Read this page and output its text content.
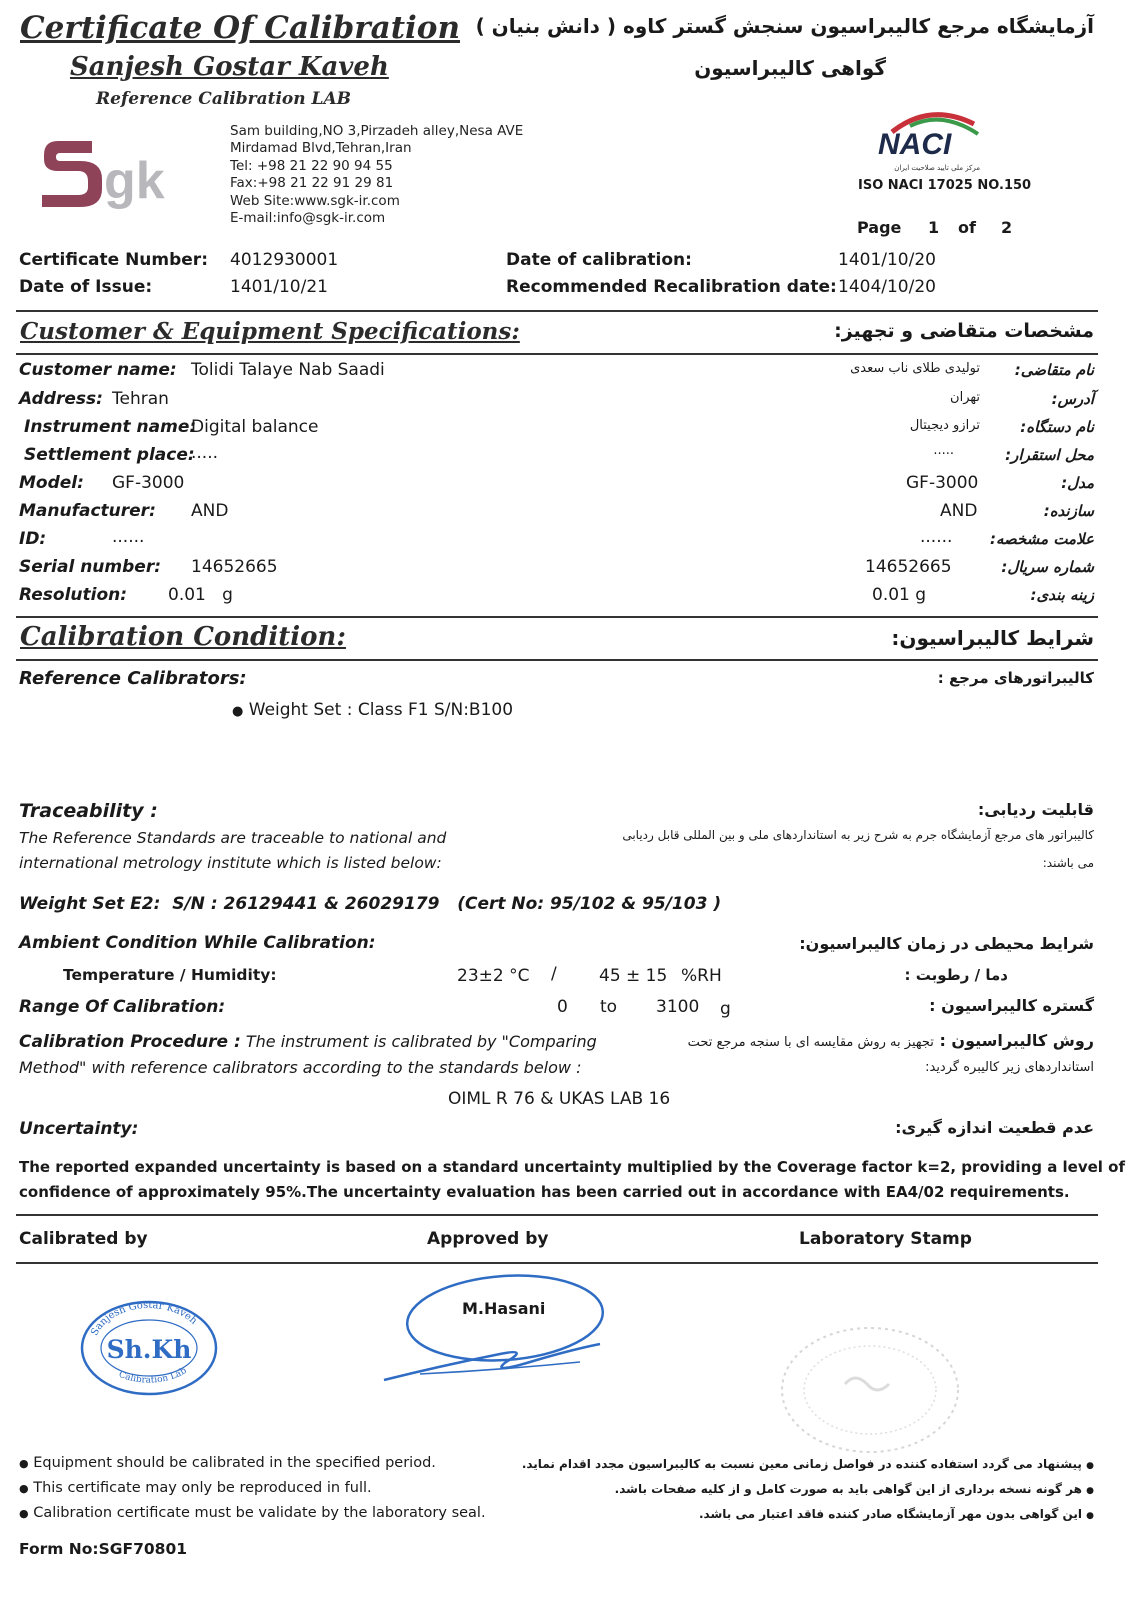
Certificate Of Calibration
Sanjesh Gostar Kaveh
Reference Calibration LAB
آزمایشگاه مرجع کالیبراسیون سنجش گستر کاوه ( دانش بنیان )
گواهی کالیبراسیون
gk
Sam building,NO 3,Pirzadeh alley,Nesa AVE
Mirdamad Blvd,Tehran,Iran
Tel: +98 21 22 90 94 55
Fax:+98 21 22 91 29 81
Web Site:www.sgk-ir.com
E-mail:info@sgk-ir.com
NACI
مرکز ملی تایید صلاحیت ایران
ISO NACI 17025 NO.150
Page 1 of 2
Certificate Number: 4012930001
Date of Issue:	1401/10/21
Date of calibration:	1401/10/20
Recommended Recalibration date: 1404/10/20
Customer & Equipment Specifications:	مشخصات متقاضی و تجهیز:
Customer name: Tolidi Talaye Nab Saadi	نام متقاضی:
تولیدی طلای ناب سعدی
Address: Tehran	آدرس:
تهران
Instrument name:
Digital balance	نام دستگاه:
ترازو دیجیتال
Settlement place:
.....	محل استقرار:
.....
Model: GF-3000	مدل:
GF-3000
Manufacturer: AND	سازنده:
AND
ID:	......	علامت مشخصه:
......
Serial number: 14652665	شماره سریال:
14652665
Resolution: 0.01   g	زینه بندی:
0.01 g
Calibration Condition:	شرایط کالیبراسیون:
Reference Calibrators:	کالیبراتورهای مرجع :
● Weight Set : Class F1 S/N:B100
Traceability :	قابلیت ردیابی:
The Reference Standards are traceable to national and
international metrology institute which is listed below:
کالیبراتور های مرجع آزمایشگاه جرم به شرح زیر به استانداردهای ملی و بین المللی قابل ردیابی
می باشند:
Weight Set E2:  S/N : 26129441 & 26029179   (Cert No: 95/102 & 95/103 )
Ambient Condition While Calibration:	شرایط محیطی در زمان کالیبراسیون:
Temperature / Humidity:	23±2 °C / 45 ± 15 %RH	دما / رطوبت :
Range Of Calibration:	0 to 3100 g	گستره کالیبراسیون :
Calibration Procedure : The instrument is calibrated by "Comparing
Method" with reference calibrators according to the standards below :
روش کالیبراسیون : تجهیز به روش مقایسه ای با سنجه مرجع تحت
استانداردهای زیر کالیبره گردید:
OIML R 76 & UKAS LAB 16
Uncertainty:	عدم قطعیت اندازه گیری:
The reported expanded uncertainty is based on a standard uncertainty multiplied by the Coverage factor k=2, providing a level of
confidence of approximately 95%.The uncertainty evaluation has been carried out in accordance with EA4/02 requirements.
Calibrated by	Approved by	Laboratory Stamp
Sanjesh Gostar Kaveh
Calibration Lab
Sh.Kh
M.Hasani
● Equipment should be calibrated in the specified period.
● This certificate may only be reproduced in full.
● Calibration certificate must be validate by the laboratory seal.
● پیشنهاد می گردد استفاده کننده در فواصل زمانی معین نسبت به کالیبراسیون مجدد اقدام نماید.
● هر گونه نسخه برداری از این گواهی باید به صورت کامل و از کلیه صفحات باشد.
● این گواهی بدون مهر آزمایشگاه صادر کننده فاقد اعتبار می باشد.
Form No:SGF70801
